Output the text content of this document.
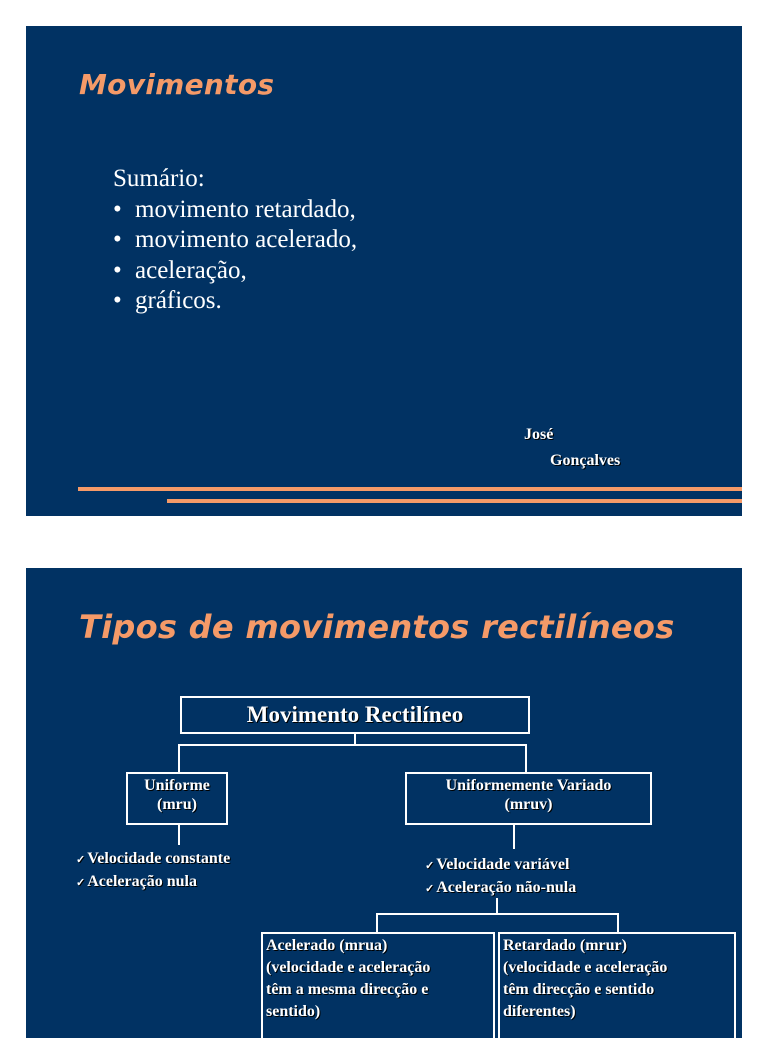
Movimentos
Sumário:
• movimento retardado,
• movimento acelerado,
• aceleração,
• gráficos.
José
Gonçalves
Tipos de movimentos rectilíneos
Movimento Rectilíneo
Uniforme
(mru)
✓ Velocidade constante
✓ Aceleração nula
Uniformemente Variado
(mruv)
✓ Velocidade variável
✓ Aceleração não-nula
Acelerado (mrua)
(velocidade e aceleração
têm a mesma direcção e
sentido)
Retardado (mrur)
(velocidade e aceleração
têm direcção e sentido
diferentes)
